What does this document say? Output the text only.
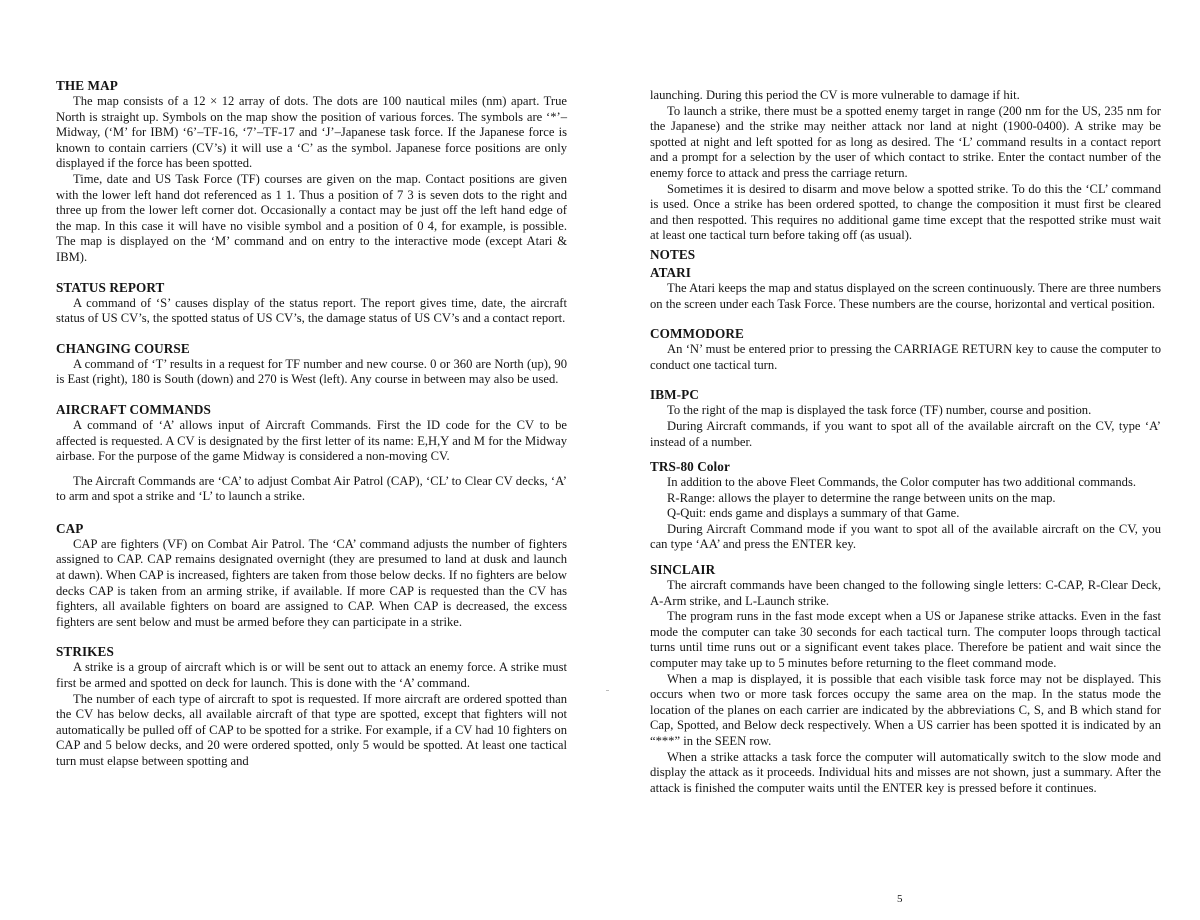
THE MAP

The map consists of a 12 × 12 array of dots. The dots are 100 nautical miles (nm) apart. True North is straight up. Symbols on the map show the position of various forces. The symbols are ‘*’–Midway, (‘M’ for IBM) ‘6’–TF-16, ‘7’–TF-17 and ‘J’–Japanese task force. If the Japanese force is known to contain carriers (CV’s) it will use a ‘C’ as the symbol. Japanese force positions are only displayed if the force has been spotted.

Time, date and US Task Force (TF) courses are given on the map. Contact positions are given with the lower left hand dot referenced as 1 1. Thus a position of 7 3 is seven dots to the right and three up from the lower left corner dot. Occasionally a contact may be just off the left hand edge of the map. In this case it will have no visible symbol and a position of 0 4, for example, is possible. The map is displayed on the ‘M’ command and on entry to the interactive mode (except Atari & IBM).

STATUS REPORT

A command of ‘S’ causes display of the status report. The report gives time, date, the aircraft status of US CV’s, the spotted status of US CV’s, the damage status of US CV’s and a contact report.

CHANGING COURSE

A command of ‘T’ results in a request for TF number and new course. 0 or 360 are North (up), 90 is East (right), 180 is South (down) and 270 is West (left). Any course in between may also be used.

AIRCRAFT COMMANDS

A command of ‘A’ allows input of Aircraft Commands. First the ID code for the CV to be affected is requested. A CV is designated by the first letter of its name: E,H,Y and M for the Midway airbase. For the purpose of the game Midway is considered a non-moving CV.

The Aircraft Commands are ‘CA’ to adjust Combat Air Patrol (CAP), ‘CL’ to Clear CV decks, ‘A’ to arm and spot a strike and ‘L’ to launch a strike.

CAP

CAP are fighters (VF) on Combat Air Patrol. The ‘CA’ command adjusts the number of fighters assigned to CAP. CAP remains designated overnight (they are presumed to land at dusk and launch at dawn). When CAP is increased, fighters are taken from those below decks. If no fighters are below decks CAP is taken from an arming strike, if available. If more CAP is requested than the CV has fighters, all available fighters on board are assigned to CAP. When CAP is decreased, the excess fighters are sent below and must be armed before they can participate in a strike.

STRIKES

A strike is a group of aircraft which is or will be sent out to attack an enemy force. A strike must first be armed and spotted on deck for launch. This is done with the ‘A’ command.

The number of each type of aircraft to spot is requested. If more aircraft are ordered spotted than the CV has below decks, all available aircraft of that type are spotted, except that fighters will not automatically be pulled off of CAP to be spotted for a strike. For example, if a CV had 10 fighters on CAP and 5 below decks, and 20 were ordered spotted, only 5 would be spotted. At least one tactical turn must elapse between spotting and

launching. During this period the CV is more vulnerable to damage if hit.

To launch a strike, there must be a spotted enemy target in range (200 nm for the US, 235 nm for the Japanese) and the strike may neither attack nor land at night (1900-0400). A strike may be spotted at night and left spotted for as long as desired. The ‘L’ command results in a contact report and a prompt for a selection by the user of which contact to strike. Enter the contact number of the enemy force to attack and press the carriage return.

Sometimes it is desired to disarm and move below a spotted strike. To do this the ‘CL’ command is used. Once a strike has been ordered spotted, to change the composition it must first be cleared and then respotted. This requires no additional game time except that the respotted strike must wait at least one tactical turn before taking off (as usual).

NOTES
ATARI

The Atari keeps the map and status displayed on the screen continuously. There are three numbers on the screen under each Task Force. These numbers are the course, horizontal and vertical position.

COMMODORE

An ‘N’ must be entered prior to pressing the CARRIAGE RETURN key to cause the computer to conduct one tactical turn.

IBM-PC

To the right of the map is displayed the task force (TF) number, course and position.

During Aircraft commands, if you want to spot all of the available aircraft on the CV, type ‘A’ instead of a number.

TRS-80 Color

In addition to the above Fleet Commands, the Color computer has two additional commands.

R-Range: allows the player to determine the range between units on the map.

Q-Quit: ends game and displays a summary of that Game.

During Aircraft Command mode if you want to spot all of the available aircraft on the CV, you can type ‘AA’ and press the ENTER key.

SINCLAIR

The aircraft commands have been changed to the following single letters: C-CAP, R-Clear Deck, A-Arm strike, and L-Launch strike.

The program runs in the fast mode except when a US or Japanese strike attacks. Even in the fast mode the computer can take 30 seconds for each tactical turn. The computer loops through tactical turns until time runs out or a significant event takes place. Therefore be patient and wait since the computer may take up to 5 minutes before returning to the fleet command mode.

When a map is displayed, it is possible that each visible task force may not be displayed. This occurs when two or more task forces occupy the same area on the map. In the status mode the location of the planes on each carrier are indicated by the abbreviations C, S, and B which stand for Cap, Spotted, and Below deck respectively. When a US carrier has been spotted it is indicated by an “***” in the SEEN row.

When a strike attacks a task force the computer will automatically switch to the slow mode and display the attack as it proceeds. Individual hits and misses are not shown, just a summary. After the attack is finished the computer waits until the ENTER key is pressed before it continues.

5
